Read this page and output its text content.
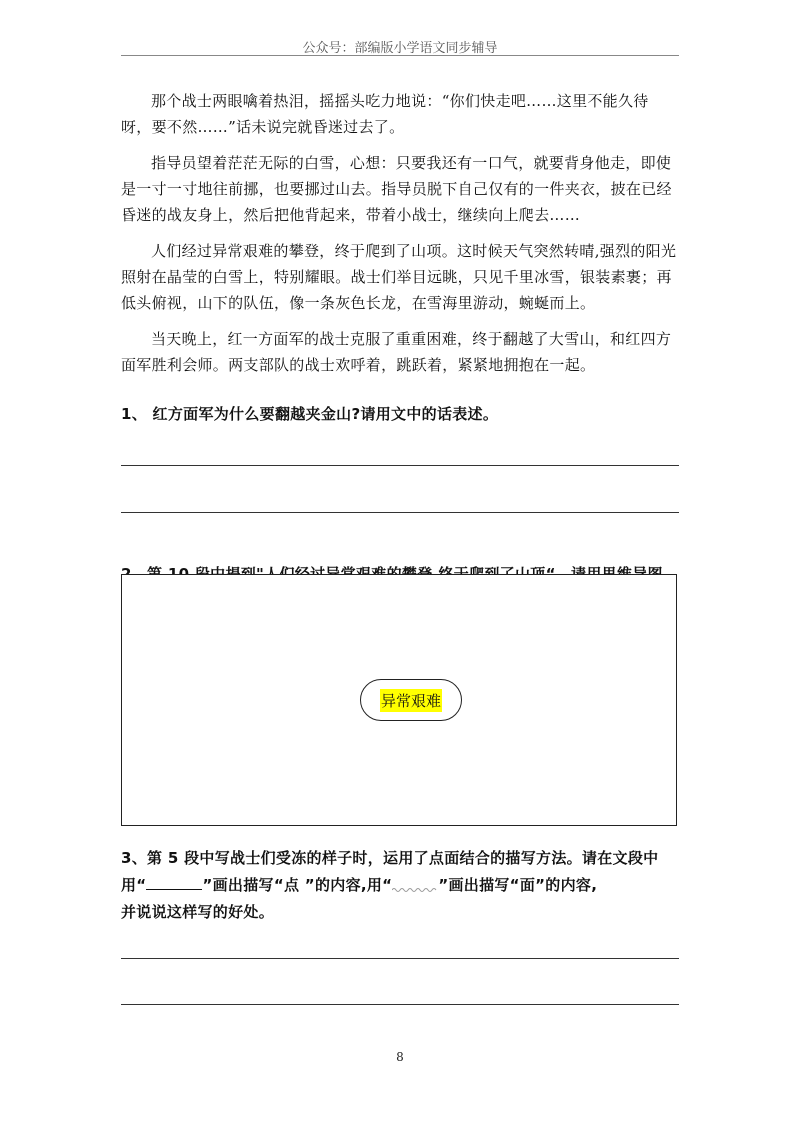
公众号：部编版小学语文同步辅导

那个战士两眼噙着热泪，摇摇头吃力地说：“你们快走吧……这里不能久待呀，要不然……”话未说完就昏迷过去了。

指导员望着茫茫无际的白雪，心想：只要我还有一口气，就要背身他走，即使是一寸一寸地往前挪，也要挪过山去。指导员脱下自己仅有的一件夹衣，披在已经昏迷的战友身上，然后把他背起来，带着小战士，继续向上爬去……

人们经过异常艰难的攀登，终于爬到了山项。这时候天气突然转晴,强烈的阳光照射在晶莹的白雪上，特别耀眼。战士们举目远眺，只见千里冰雪，银装素裹；再低头俯视，山下的队伍，像一条灰色长龙，在雪海里游动，蜿蜒而上。

当天晚上，红一方面军的战士克服了重重困难，终于翻越了大雪山，和红四方面军胜利会师。两支部队的战士欢呼着，跳跃着，紧紧地拥抱在一起。

1、 红方面军为什么要翻越夹金山?请用文中的话表述。
异常艰难
3、第 5 段中写战士们受冻的样子时，运用了点面结合的描写方法。请在文段中
用“	”画出描写“点 ”的内容,用“	”画出描写“面”的内容,
并说说这样写的好处。
8
